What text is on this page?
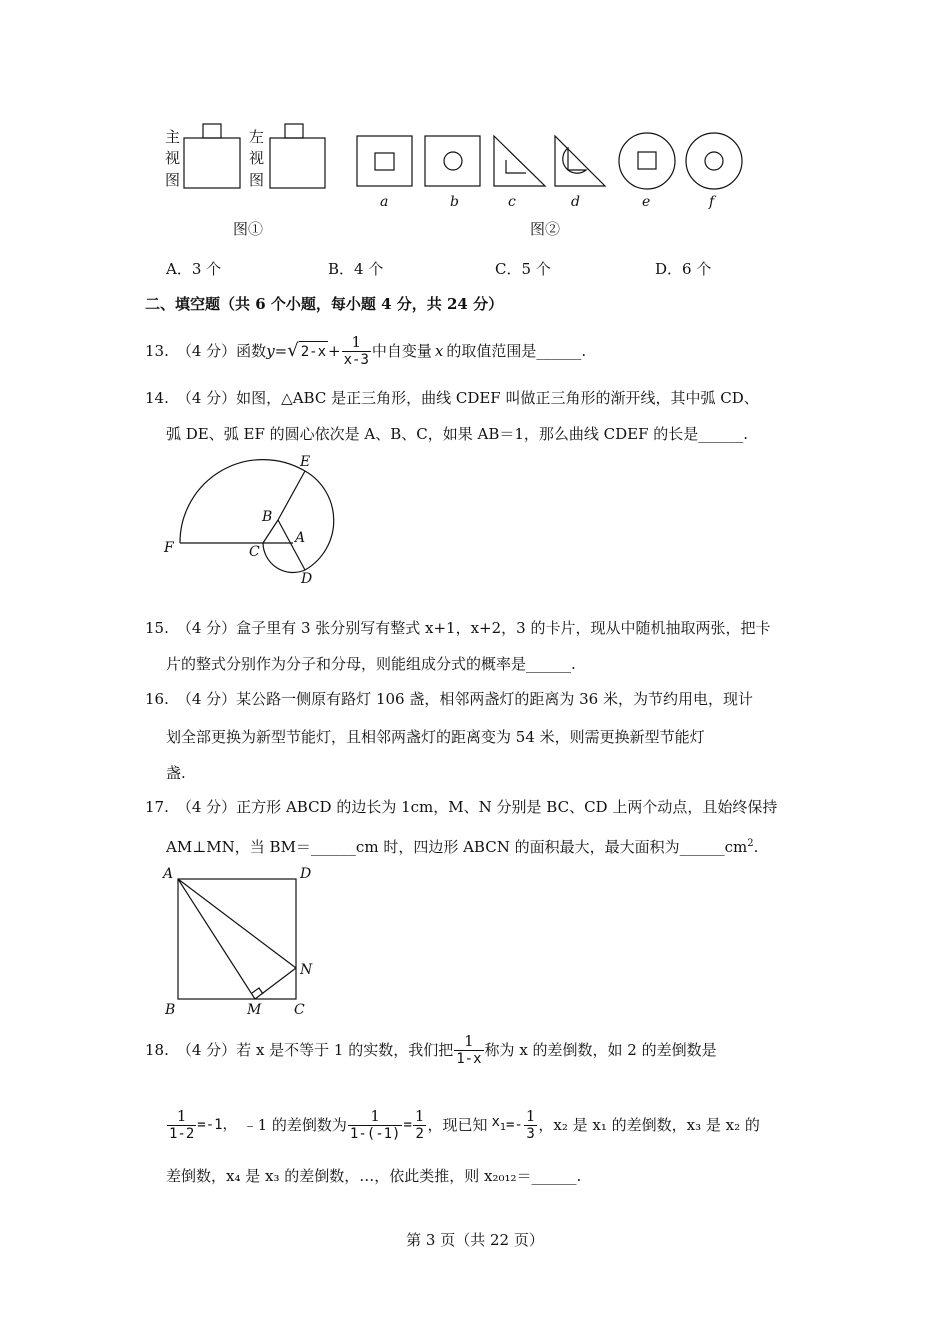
主
视
图
左
视
图
图①	图②
a	b	c	d	e	f
A．3 个	B．4 个	C．5 个	D．6 个
二、填空题（共 6 个小题，每小题 4 分，共 24 分）
13. （4 分） 函数 y = √ $2-x + \frac{1}{x-3}$ 中自变量 x 的取值范围是______.
14. （4 分）如图，△ABC 是正三角形，曲线 CDEF 叫做正三角形的渐开线，其中弧 CD、
弧 DE、弧 EF 的圆心依次是 A、B、C，如果 AB＝1，那么曲线 CDEF 的长是______.
E
B
F	C
A
D
15. （4 分）盒子里有 3 张分别写有整式 x+1，x+2，3 的卡片，现从中随机抽取两张，把卡
片的整式分别作为分子和分母，则能组成分式的概率是______.
16. （4 分）某公路一侧原有路灯 106 盏，相邻两盏灯的距离为 36 米，为节约用电，现计
划全部更换为新型节能灯，且相邻两盏灯的距离变为 54 米，则需更换新型节能灯
盏.
17. （4 分）正方形 ABCD 的边长为 1cm，M、N 分别是 BC、CD 上两个动点，且始终保持
AM⊥MN，当 BM＝______cm 时，四边形 ABCN 的面积最大，最大面积为$\_\_\_\_\_\_cm^2$.
A	D
N
B	M C
18. （4 分）若 x 是不等于 1 的实数，我们把 $\frac{1}{1-x}$ 称为 x 的差倒数，如 2 的差倒数是
$\frac{1}{1-2} =-1$， ﹣1 的差倒数为 $\frac{1}{1-(-1)} = \frac{1}{2}$ ，现已知 $x_1 =- \frac{1}{3}$ ，x₂ 是 x₁ 的差倒数，x₃ 是 x₂ 的
差倒数，x₄ 是 x₃ 的差倒数，…，依此类推，则 x₂₀₁₂＝______.
第 3 页（共 22 页）
